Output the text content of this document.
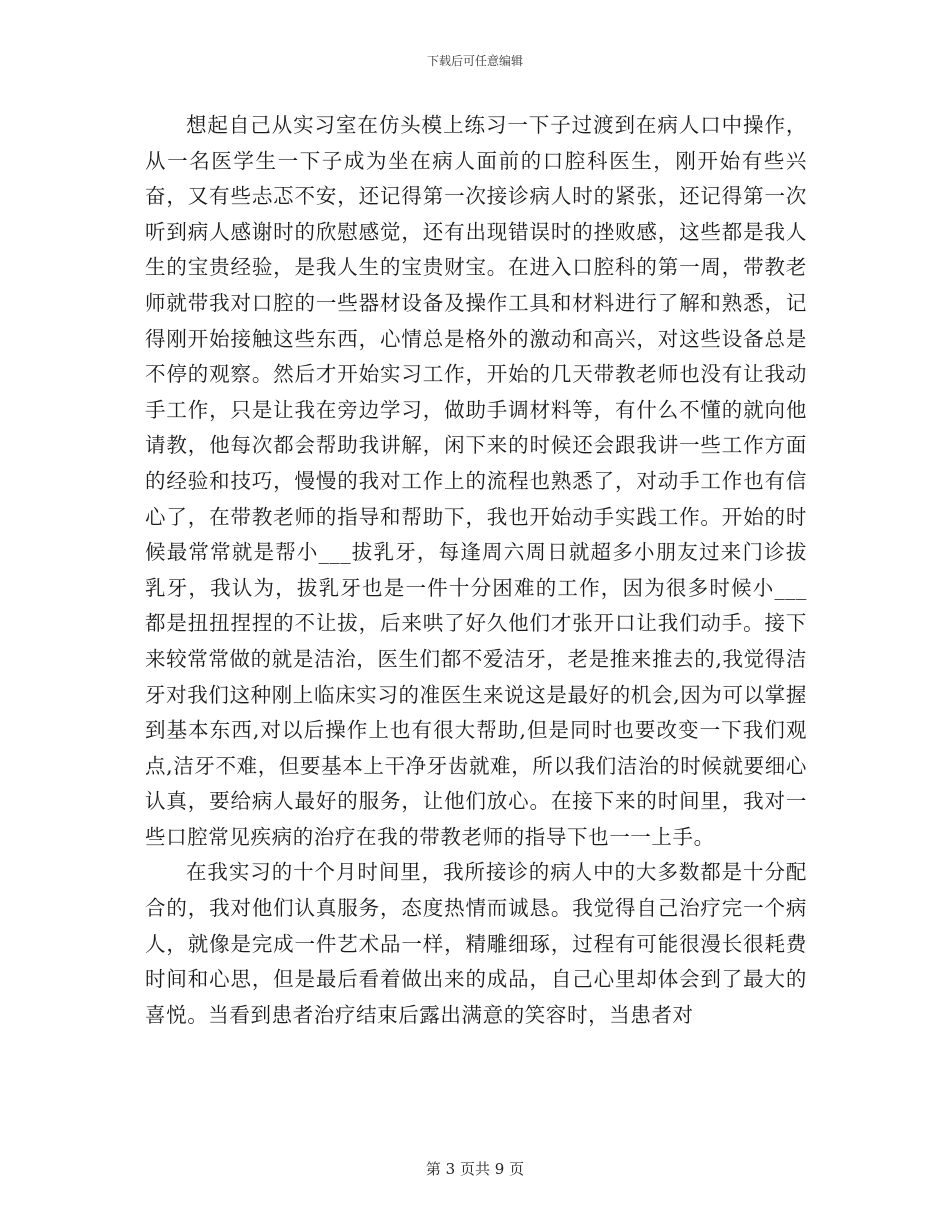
下载后可任意编辑

想起自己从实习室在仿头模上练习一下子过渡到在病人口中操作，从一名医学生一下子成为坐在病人面前的口腔科医生，刚开始有些兴奋，又有些忐忑不安，还记得第一次接诊病人时的紧张，还记得第一次听到病人感谢时的欣慰感觉，还有出现错误时的挫败感，这些都是我人生的宝贵经验，是我人生的宝贵财宝。在进入口腔科的第一周，带教老师就带我对口腔的一些器材设备及操作工具和材料进行了解和熟悉，记得刚开始接触这些东西，心情总是格外的激动和高兴，对这些设备总是不停的观察。然后才开始实习工作，开始的几天带教老师也没有让我动手工作，只是让我在旁边学习，做助手调材料等，有什么不懂的就向他请教，他每次都会帮助我讲解，闲下来的时候还会跟我讲一些工作方面的经验和技巧，慢慢的我对工作上的流程也熟悉了，对动手工作也有信心了，在带教老师的指导和帮助下，我也开始动手实践工作。开始的时候最常常就是帮小___拔乳牙，每逢周六周日就超多小朋友过来门诊拔乳牙，我认为，拔乳牙也是一件十分困难的工作，因为很多时候小___都是扭扭捏捏的不让拔，后来哄了好久他们才张开口让我们动手。接下来较常常做的就是洁治，医生们都不爱洁牙，老是推来推去的,我觉得洁牙对我们这种刚上临床实习的准医生来说这是最好的机会,因为可以掌握到基本东西,对以后操作上也有很大帮助,但是同时也要改变一下我们观点,洁牙不难，但要基本上干净牙齿就难，所以我们洁治的时候就要细心认真，要给病人最好的服务，让他们放心。在接下来的时间里，我对一些口腔常见疾病的治疗在我的带教老师的指导下也一一上手。

在我实习的十个月时间里，我所接诊的病人中的大多数都是十分配合的，我对他们认真服务，态度热情而诚恳。我觉得自己治疗完一个病人，就像是完成一件艺术品一样，精雕细琢，过程有可能很漫长很耗费时间和心思，但是最后看着做出来的成品，自己心里却体会到了最大的喜悦。当看到患者治疗结束后露出满意的笑容时，当患者对

第 3 页共 9 页
